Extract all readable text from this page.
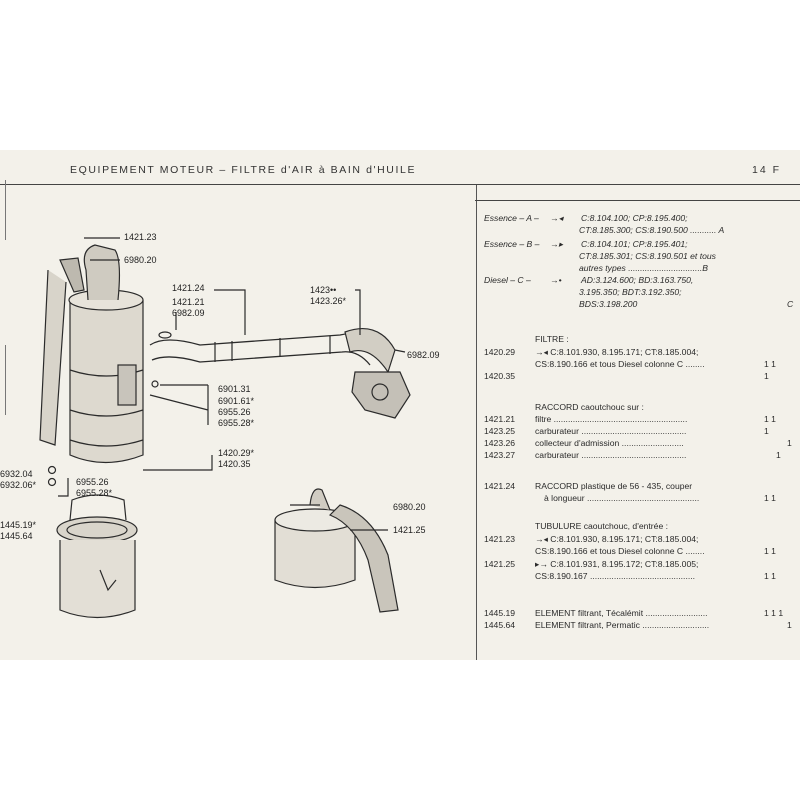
EQUIPEMENT MOTEUR – FILTRE d'AIR à BAIN d'HUILE	14 F
1421.23
6980.20
1421.24
1421.21
6982.09
1423••
1423.26*
6982.09
6901.31
6901.61*
6955.26
6955.28*
1420.29*
1420.35
6932.04
6932.06*	6955.26
6955.28*
1445.19*
1445.64
6980.20
1421.25
Essence – A – →◂ C:8.104.100; CP:8.195.400;
CT:8.185.300; CS:8.190.500 ........... A
Essence – B – →▸ C:8.104.101; CP:8.195.401;
CT:8.185.301; CS:8.190.501 et tous
autres types ...............................B
Diesel – C – →• AD:3.124.600; BD:3.163.750,
3.195.350; BDT:3.192.350;
BDS:3.198.200	C
FILTRE :
1420.29 →◂ C:8.101.930, 8.195.171; CT:8.185.004;
CS:8.190.166 et tous Diesel colonne C ........	1 1
1420.35	1
RACCORD caoutchouc sur :
1421.21 filtre ........................................................	1 1
1423.25 carburateur ............................................	1
1423.26 collecteur d'admission ..........................	1
1423.27 carburateur ............................................	1
1421.24 RACCORD plastique de 56 - 435, couper
à longueur ...............................................	1 1
TUBULURE caoutchouc, d'entrée :
1421.23 →◂ C:8.101.930, 8.195.171; CT:8.185.004;
CS:8.190.166 et tous Diesel colonne C ........	1 1
1421.25 ▸→ C:8.101.931, 8.195.172; CT:8.185.005;
CS:8.190.167 ............................................	1 1
1445.19 ELEMENT filtrant, Técalémit ..........................	1 1 1
1445.64 ELEMENT filtrant, Permatic ............................	1
